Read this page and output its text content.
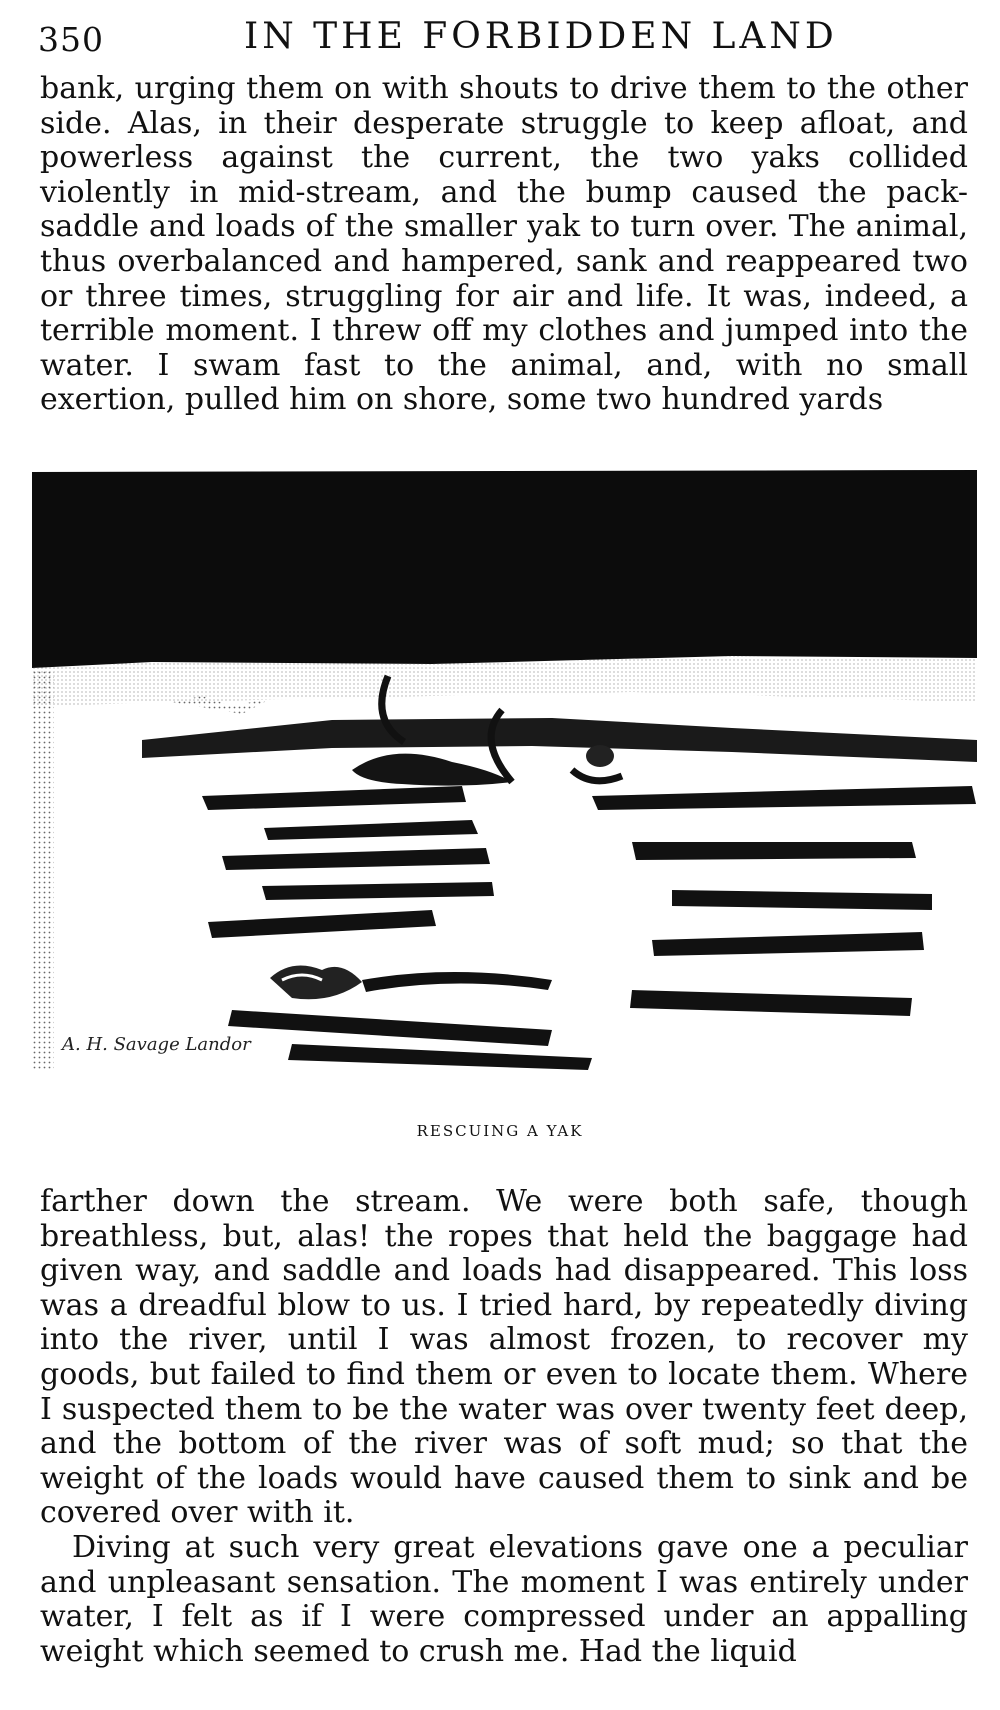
350	IN THE FORBIDDEN LAND

bank, urging them on with shouts to drive them to the other side. Alas, in their desperate struggle to keep afloat, and powerless against the current, the two yaks collided violently in mid-stream, and the bump caused the pack-saddle and loads of the smaller yak to turn over. The animal, thus overbalanced and hampered, sank and reappeared two or three times, struggling for air and life. It was, indeed, a terrible moment. I threw off my clothes and jumped into the water. I swam fast to the animal, and, with no small exertion, pulled him on shore, some two hundred yards

A. H. Savage Landor
RESCUING A YAK

farther down the stream. We were both safe, though breathless, but, alas! the ropes that held the baggage had given way, and saddle and loads had disappeared. This loss was a dreadful blow to us. I tried hard, by repeatedly diving into the river, until I was almost frozen, to recover my goods, but failed to find them or even to locate them. Where I suspected them to be the water was over twenty feet deep, and the bottom of the river was of soft mud; so that the weight of the loads would have caused them to sink and be covered over with it.

Diving at such very great elevations gave one a peculiar and unpleasant sensation. The moment I was entirely under water, I felt as if I were compressed under an appalling weight which seemed to crush me. Had the liquid
